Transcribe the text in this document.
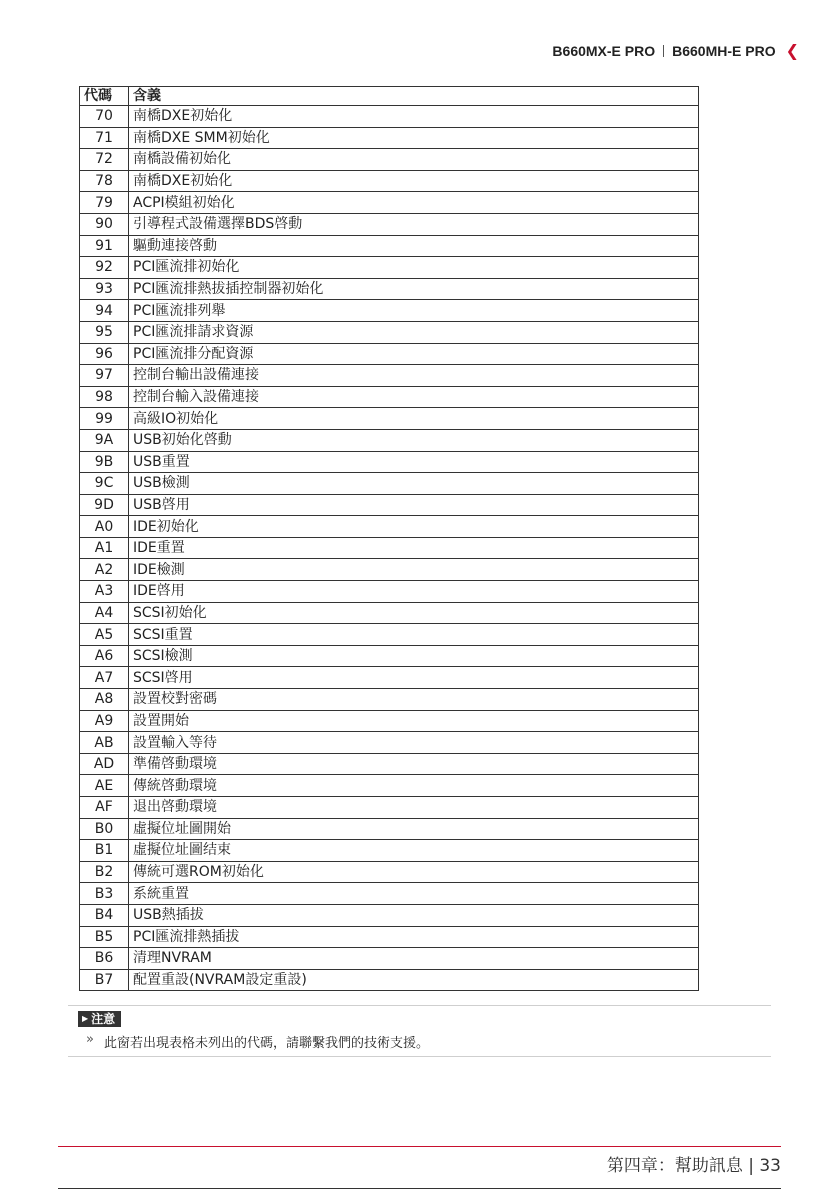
B660MX-E PRO B660MH-E PRO ❮
代碼	含義
70	南橋DXE初始化
71	南橋DXE SMM初始化
72	南橋設備初始化
78	南橋DXE初始化
79	ACPI模組初始化
90	引導程式設備選擇BDS啓動
91	驅動連接啓動
92	PCI匯流排初始化
93	PCI匯流排熱拔插控制器初始化
94	PCI匯流排列舉
95	PCI匯流排請求資源
96	PCI匯流排分配資源
97	控制台輸出設備連接
98	控制台輸入設備連接
99	高級IO初始化
9A	USB初始化啓動
9B	USB重置
9C	USB檢測
9D	USB啓用
A0	IDE初始化
A1	IDE重置
A2	IDE檢測
A3	IDE啓用
A4	SCSI初始化
A5	SCSI重置
A6	SCSI檢測
A7	SCSI啓用
A8	設置校對密碼
A9	設置開始
AB	設置輸入等待
AD	準備啓動環境
AE	傳統啓動環境
AF	退出啓動環境
B0	虛擬位址圖開始
B1	虛擬位址圖结束
B2	傳統可選ROM初始化
B3	系統重置
B4	USB熱插拔
B5	PCI匯流排熱插拔
B6	清理NVRAM
B7	配置重設(NVRAM設定重設)
▶ 注意
» 此窗若出現表格未列出的代碼，請聯繫我們的技術支援。
第四章：幫助訊息 | 33
